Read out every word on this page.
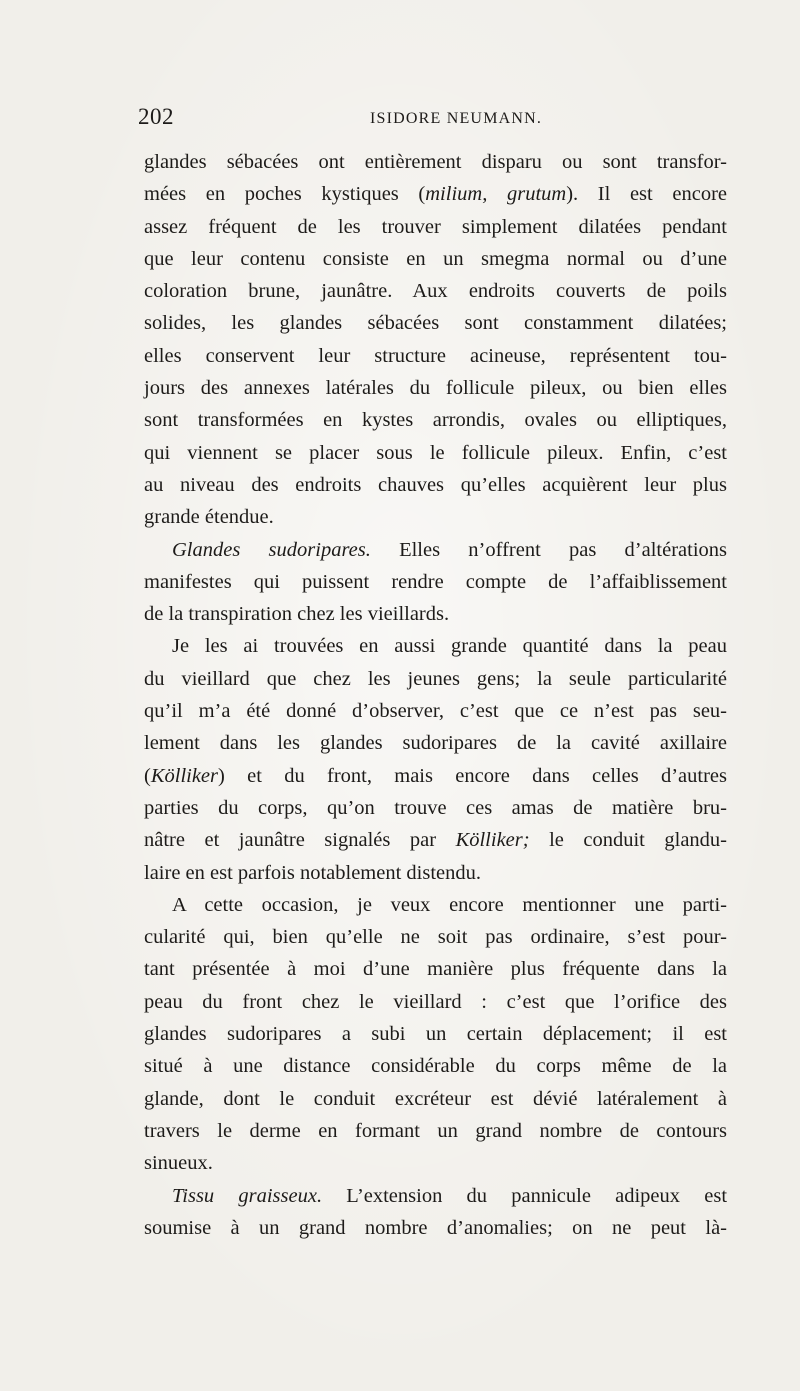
202	ISIDORE NEUMANN.
glandes sébacées ont entièrement disparu ou sont transfor-
mées en poches kystiques (milium, grutum). Il est encore
assez fréquent de les trouver simplement dilatées pendant
que leur contenu consiste en un smegma normal ou d’une
coloration brune, jaunâtre. Aux endroits couverts de poils
solides, les glandes sébacées sont constamment dilatées;
elles conservent leur structure acineuse, représentent tou-
jours des annexes latérales du follicule pileux, ou bien elles
sont transformées en kystes arrondis, ovales ou elliptiques,
qui viennent se placer sous le follicule pileux. Enfin, c’est
au niveau des endroits chauves qu’elles acquièrent leur plus
grande étendue.
Glandes sudoripares. Elles n’offrent pas d’altérations
manifestes qui puissent rendre compte de l’affaiblissement
de la transpiration chez les vieillards.
Je les ai trouvées en aussi grande quantité dans la peau
du vieillard que chez les jeunes gens; la seule particularité
qu’il m’a été donné d’observer, c’est que ce n’est pas seu-
lement dans les glandes sudoripares de la cavité axillaire
(Kölliker) et du front, mais encore dans celles d’autres
parties du corps, qu’on trouve ces amas de matière bru-
nâtre et jaunâtre signalés par Kölliker; le conduit glandu-
laire en est parfois notablement distendu.
A cette occasion, je veux encore mentionner une parti-
cularité qui, bien qu’elle ne soit pas ordinaire, s’est pour-
tant présentée à moi d’une manière plus fréquente dans la
peau du front chez le vieillard : c’est que l’orifice des
glandes sudoripares a subi un certain déplacement; il est
situé à une distance considérable du corps même de la
glande, dont le conduit excréteur est dévié latéralement à
travers le derme en formant un grand nombre de contours
sinueux.
Tissu graisseux. L’extension du pannicule adipeux est
soumise à un grand nombre d’anomalies; on ne peut là-
